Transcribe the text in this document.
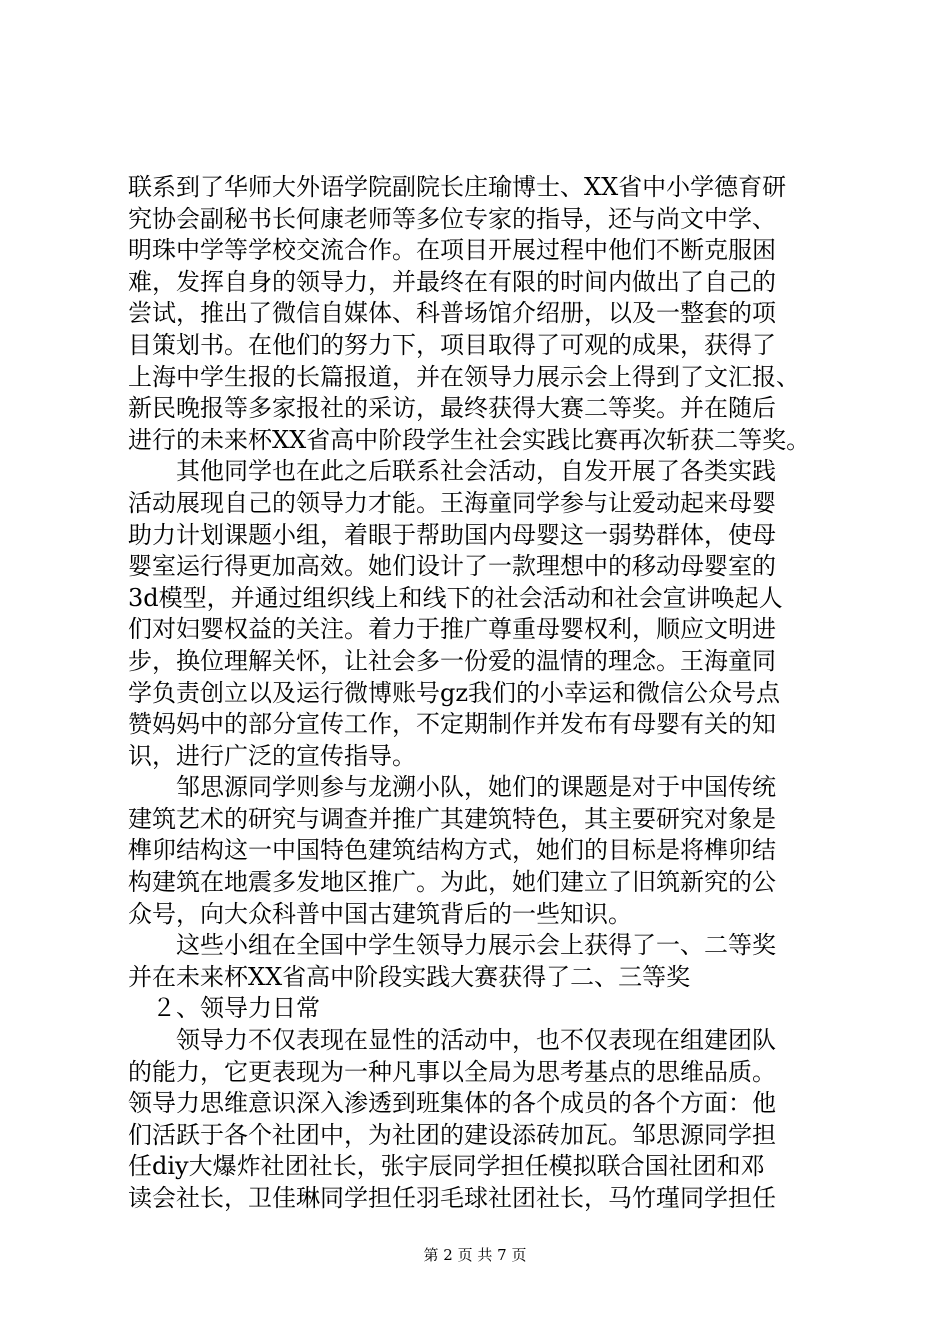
联系到了华师大外语学院副院长庄瑜博士、XX省中小学德育研
究协会副秘书长何康老师等多位专家的指导，还与尚文中学、
明珠中学等学校交流合作。在项目开展过程中他们不断克服困
难，发挥自身的领导力，并最终在有限的时间内做出了自己的
尝试，推出了微信自媒体、科普场馆介绍册，以及一整套的项
目策划书。在他们的努力下，项目取得了可观的成果，获得了
上海中学生报的长篇报道，并在领导力展示会上得到了文汇报、
新民晚报等多家报社的采访，最终获得大赛二等奖。并在随后
进行的未来杯XX省高中阶段学生社会实践比赛再次斩获二等奖。
　　其他同学也在此之后联系社会活动，自发开展了各类实践
活动展现自己的领导力才能。王海童同学参与让爱动起来母婴
助力计划课题小组，着眼于帮助国内母婴这一弱势群体，使母
婴室运行得更加高效。她们设计了一款理想中的移动母婴室的
3d模型，并通过组织线上和线下的社会活动和社会宣讲唤起人
们对妇婴权益的关注。着力于推广尊重母婴权利，顺应文明进
步，换位理解关怀，让社会多一份爱的温情的理念。王海童同
学负责创立以及运行微博账号gz我们的小幸运和微信公众号点
赞妈妈中的部分宣传工作，不定期制作并发布有母婴有关的知
识，进行广泛的宣传指导。
　　邹思源同学则参与龙溯小队，她们的课题是对于中国传统
建筑艺术的研究与调查并推广其建筑特色，其主要研究对象是
榫卯结构这一中国特色建筑结构方式，她们的目标是将榫卯结
构建筑在地震多发地区推广。为此，她们建立了旧筑新究的公
众号，向大众科普中国古建筑背后的一些知识。
　　这些小组在全国中学生领导力展示会上获得了一、二等奖
并在未来杯XX省高中阶段实践大赛获得了二、三等奖
　２、领导力日常
　　领导力不仅表现在显性的活动中，也不仅表现在组建团队
的能力，它更表现为一种凡事以全局为思考基点的思维品质。
领导力思维意识深入渗透到班集体的各个成员的各个方面：他
们活跃于各个社团中，为社团的建设添砖加瓦。邹思源同学担
任diy大爆炸社团社长，张宇辰同学担任模拟联合国社团和邓
读会社长，卫佳琳同学担任羽毛球社团社长，马竹瑾同学担任
第 2 页 共 7 页
